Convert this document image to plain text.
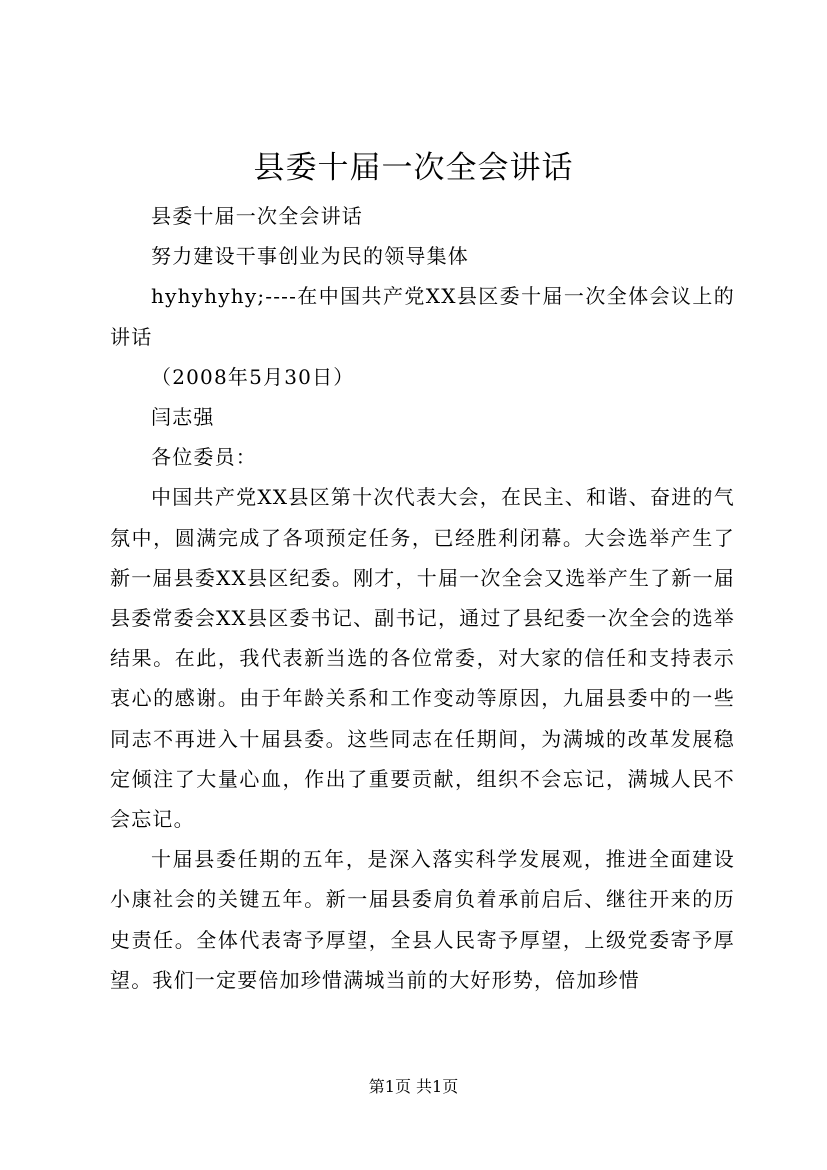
县委十届一次全会讲话

县委十届一次全会讲话

努力建设干事创业为民的领导集体

hyhyhyhy;----在中国共产党XX县区委十届一次全体会议上的讲话

（2008年5月30日）

闫志强

各位委员：

中国共产党XX县区第十次代表大会，在民主、和谐、奋进的气氛中，圆满完成了各项预定任务，已经胜利闭幕。大会选举产生了新一届县委XX县区纪委。刚才，十届一次全会又选举产生了新一届县委常委会XX县区委书记、副书记，通过了县纪委一次全会的选举结果。在此，我代表新当选的各位常委，对大家的信任和支持表示衷心的感谢。由于年龄关系和工作变动等原因，九届县委中的一些同志不再进入十届县委。这些同志在任期间，为满城的改革发展稳定倾注了大量心血，作出了重要贡献，组织不会忘记，满城人民不会忘记。

十届县委任期的五年，是深入落实科学发展观，推进全面建设小康社会的关键五年。新一届县委肩负着承前启后、继往开来的历史责任。全体代表寄予厚望，全县人民寄予厚望，上级党委寄予厚望。我们一定要倍加珍惜满城当前的大好形势，倍加珍惜

第1页 共1页
